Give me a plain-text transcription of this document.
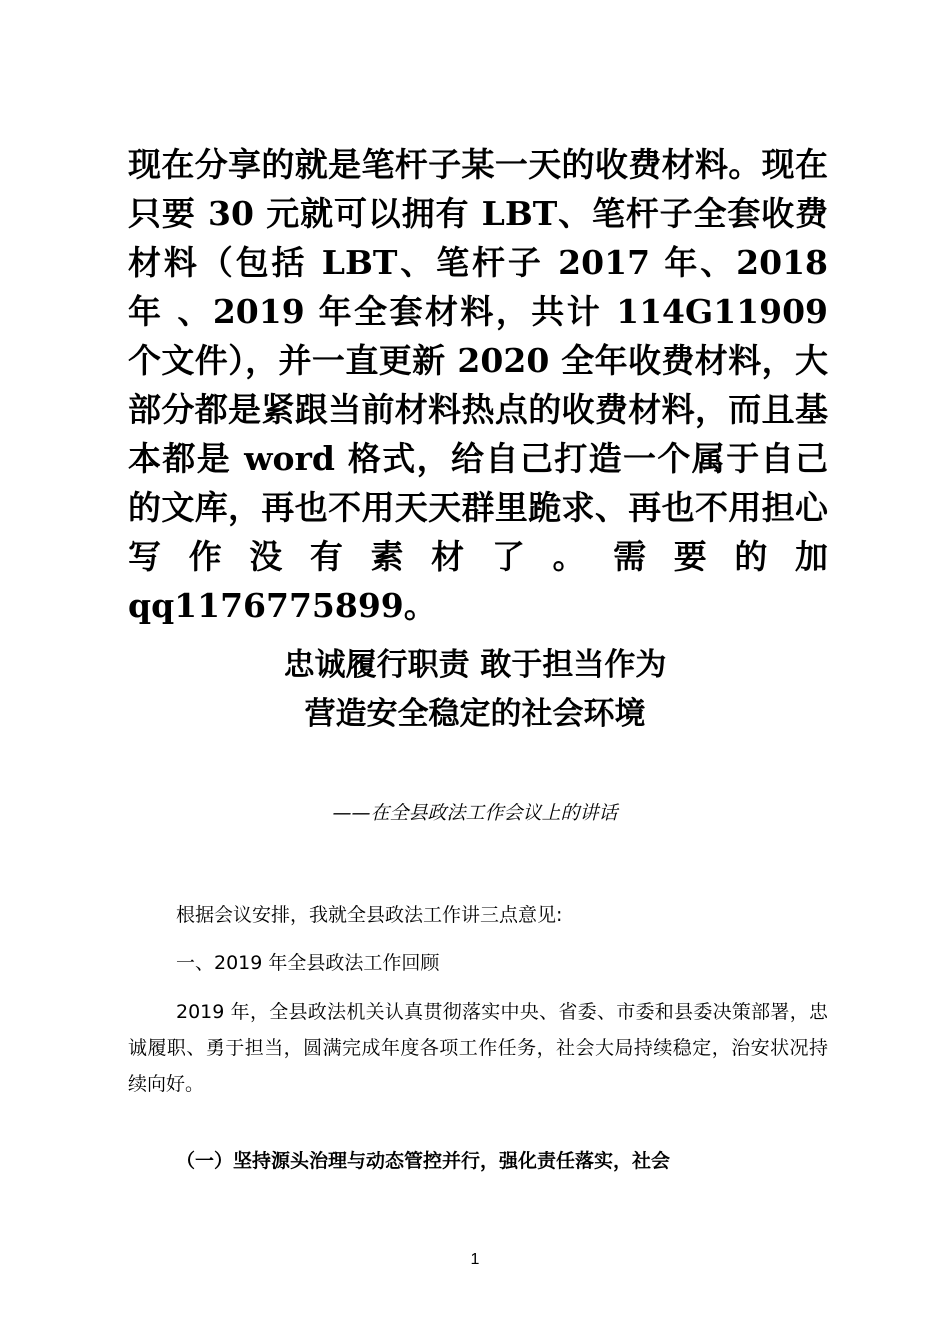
现在分享的就是笔杆子某一天的收费材料。现在只要 30 元就可以拥有 LBT、笔杆子全套收费材料（包括 LBT、笔杆子 2017 年、2018 年 、2019 年全套材料，共计 114G11909 个文件），并一直更新 2020 全年收费材料，大部分都是紧跟当前材料热点的收费材料，而且基本都是 word 格式，给自己打造一个属于自己的文库，再也不用天天群里跪求、再也不用担心写作没有素材了。需要的加 qq1176775899。

忠诚履行职责 敢于担当作为

营造安全稳定的社会环境

——在全县政法工作会议上的讲话

根据会议安排，我就全县政法工作讲三点意见:

一、2019 年全县政法工作回顾

2019 年，全县政法机关认真贯彻落实中央、省委、市委和县委决策部署，忠诚履职、勇于担当，圆满完成年度各项工作任务，社会大局持续稳定，治安状况持续向好。

（一）坚持源头治理与动态管控并行，强化责任落实，社会

1
